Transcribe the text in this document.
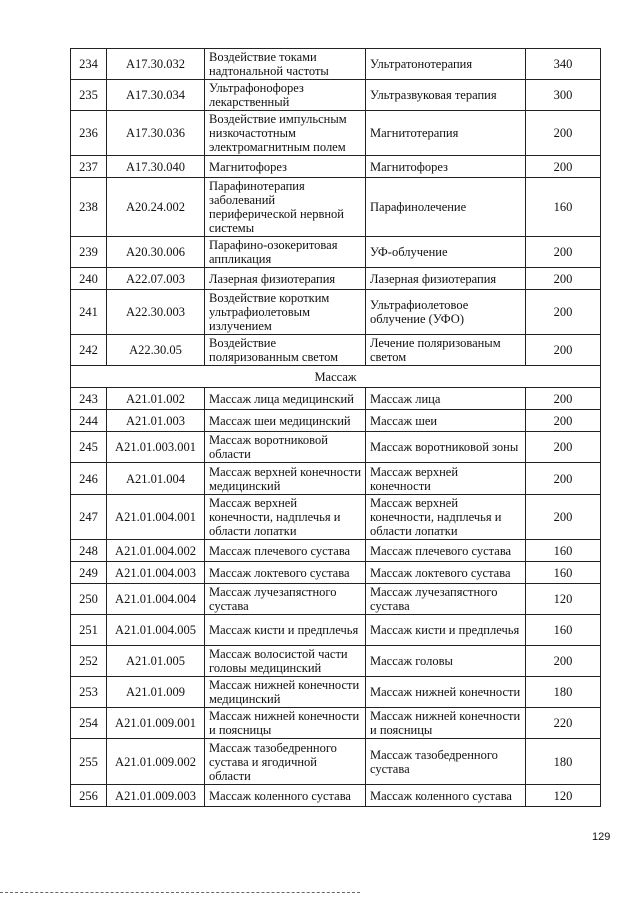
234	А17.30.032	Воздействие токами надтональной частоты	Ультратонотерапия	340
235	А17.30.034	Ультрафонофорез лекарственный	Ультразвуковая терапия	300
236	А17.30.036	Воздействие импульсным низкочастотным электромагнитным полем	Магнитотерапия	200
237	А17.30.040	Магнитофорез	Магнитофорез	200
238	А20.24.002	Парафинотерапия заболеваний периферической нервной системы	Парафинолечение	160
239	А20.30.006	Парафино-озокеритовая аппликация	УФ-облучение	200
240	А22.07.003	Лазерная физиотерапия	Лазерная физиотерапия	200
241	А22.30.003	Воздействие коротким ультрафиолетовым излучением	Ультрафиолетовое облучение (УФО)	200
242	А22.30.05	Воздействие поляризованным светом	Лечение поляризованым светом	200
Массаж				
243	А21.01.002	Массаж лица медицинский	Массаж лица	200
244	А21.01.003	Массаж шеи медицинский	Массаж шеи	200
245	А21.01.003.001	Массаж воротниковой области	Массаж воротниковой зоны	200
246	А21.01.004	Массаж верхней конечности медицинский	Массаж верхней конечности	200
247	А21.01.004.001	Массаж верхней конечности, надплечья и области лопатки	Массаж верхней конечности, надплечья и области лопатки	200
248	А21.01.004.002	Массаж плечевого сустава	Массаж плечевого сустава	160
249	А21.01.004.003	Массаж локтевого сустава	Массаж локтевого сустава	160
250	А21.01.004.004	Массаж лучезапястного сустава	Массаж лучезапястного сустава	120
251	А21.01.004.005	Массаж кисти и предплечья	Массаж кисти и предплечья	160
252	А21.01.005	Массаж волосистой части головы медицинский	Массаж головы	200
253	А21.01.009	Массаж нижней конечности медицинский	Массаж нижней конечности	180
254	А21.01.009.001	Массаж нижней конечности и поясницы	Массаж нижней конечности и поясницы	220
255	А21.01.009.002	Массаж тазобедренного сустава и ягодичной области	Массаж тазобедренного сустава	180
256	А21.01.009.003	Массаж коленного сустава	Массаж коленного сустава	120
129
